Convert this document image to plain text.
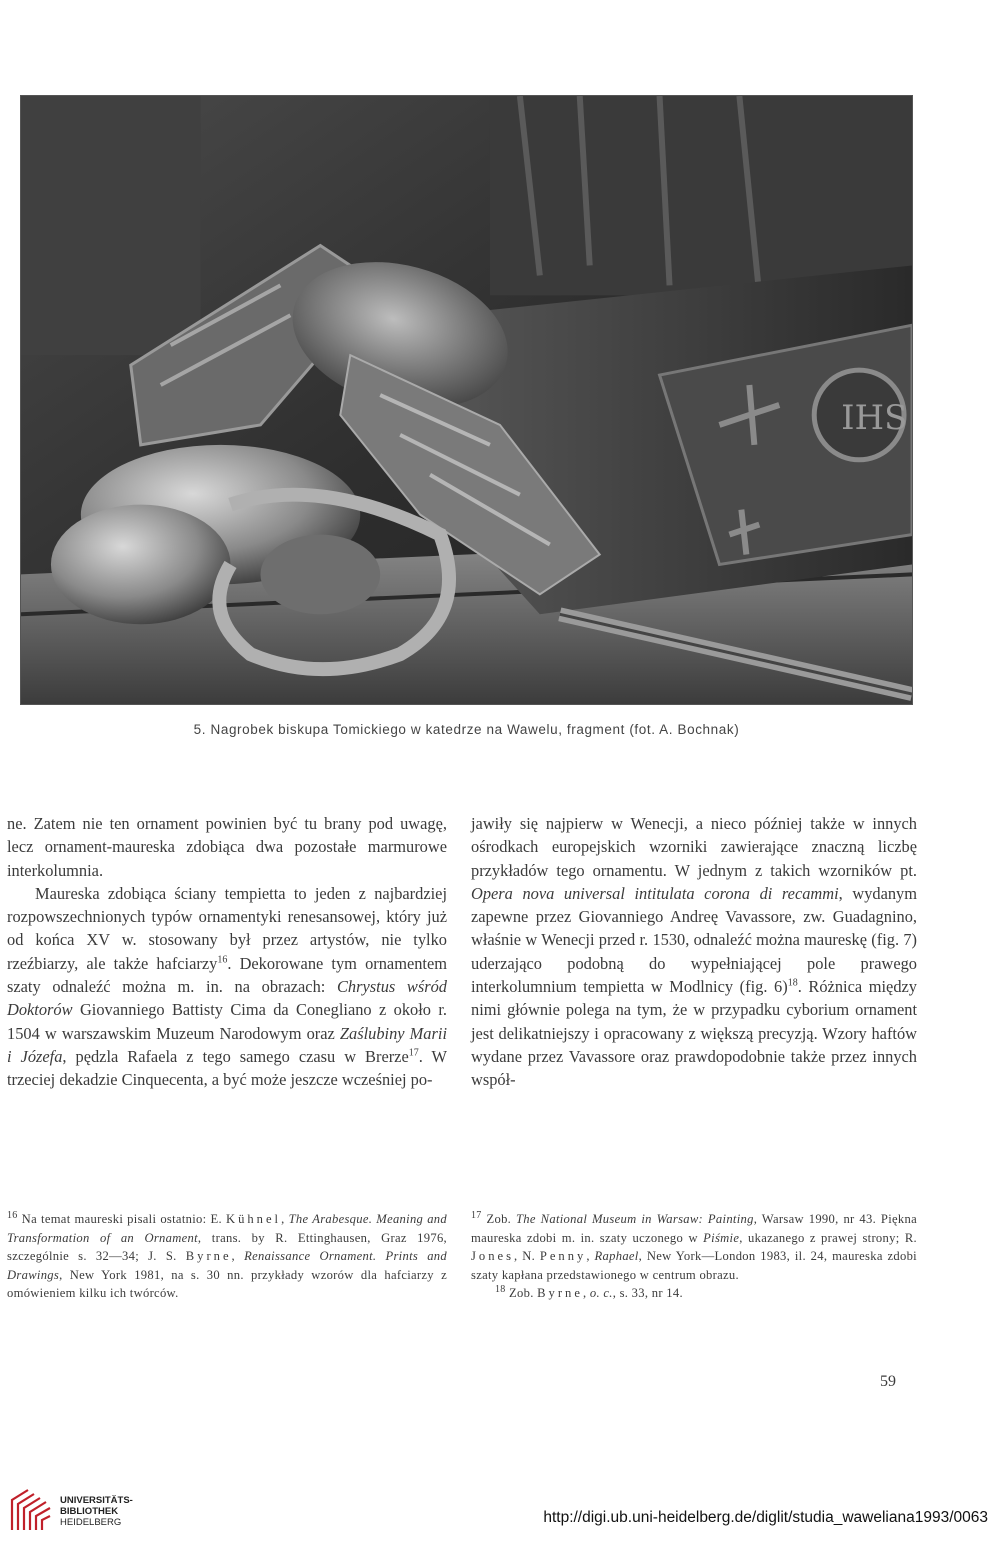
IHS
5. Nagrobek biskupa Tomickiego w katedrze na Wawelu, fragment (fot. A. Bochnak)

ne. Zatem nie ten ornament powinien być tu brany pod uwagę, lecz ornament-maureska zdobiąca dwa pozostałe marmurowe interkolumnia.

Maureska zdobiąca ściany tempietta to jeden z najbardziej rozpowszechnionych typów ornamentyki renesansowej, który już od końca XV w. stosowany był przez artystów, nie tylko rzeźbiarzy, ale także hafciarzy$^{16}$. Dekorowane tym ornamentem szaty odnaleźć można m. in. na obrazach: Chrystus wśród Doktorów Giovanniego Battisty Cima da Conegliano z około r. 1504 w warszawskim Muzeum Narodowym oraz Zaślubiny Marii i Józefa, pędzla Rafaela z tego samego czasu w Brerze$^{17}$. W trzeciej dekadzie Cinquecenta, a być może jeszcze wcześniej po-

jawiły się najpierw w Wenecji, a nieco później także w innych ośrodkach europejskich wzorniki zawierające znaczną liczbę przykładów tego ornamentu. W jednym z takich wzorników pt. Opera nova universal intitulata corona di recammi, wydanym zapewne przez Giovanniego Andreę Vavassore, zw. Guadagnino, właśnie w Wenecji przed r. 1530, odnaleźć można maureskę (fig. 7) uderzająco podobną do wypełniającej pole prawego interkolumnium tempietta w Modlnicy (fig. 6)$^{18}$. Różnica między nimi głównie polega na tym, że w przypadku cyborium ornament jest delikatniejszy i opracowany z większą precyzją. Wzory haftów wydane przez Vavassore oraz prawdopodobnie także przez innych współ-

$^{16}$ Na temat maureski pisali ostatnio: E. Kühnel, The Arabesque. Meaning and Transformation of an Ornament, trans. by R. Ettinghausen, Graz 1976, szczególnie s. 32—34; J. S. Byrne, Renaissance Ornament. Prints and Drawings, New York 1981, na s. 30 nn. przykłady wzorów dla hafciarzy z omówieniem kilku ich twórców.

$^{17}$ Zob. The National Museum in Warsaw: Painting, Warsaw 1990, nr 43. Piękna maureska zdobi m. in. szaty uczonego w Piśmie, ukazanego z prawej strony; R. Jones, N. Penny, Raphael, New York—London 1983, il. 24, maureska zdobi szaty kapłana przedstawionego w centrum obrazu.

$^{18}$ Zob. Byrne, o. c., s. 33, nr 14.

59
UNIVERSITÄTS-
BIBLIOTHEK
HEIDELBERG	http://digi.ub.uni-heidelberg.de/diglit/studia_waweliana1993/0063
